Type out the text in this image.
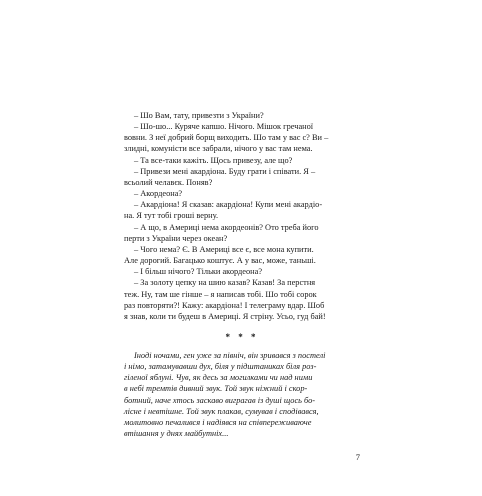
– Шо Вам, тату, привезти з України?

– Шо-шо... Куряче капшо. Нічого. Мішок гречаної

вовни. З неї добрий борщ виходить. Шо там у вас с? Ви –

злидні, комуністи все забрали, нічого у вас там нема.

– Та все-таки кажіть. Щось привезу, але що?

– Привези мені акардіона. Буду грати і співати. Я –

всьолий челавєк. Поняв?

– Акордеона?

– Акардіона! Я сказав: акардіона! Купи мені акардіо-

на. Я тут тобі гроші верну.

– А що, в Америці нема акордеонів? Ото треба його

перти з України через океан?

– Чого нема? Є. В Америці все є, все мона купити.

Але дорогий. Багацько коштує. А у вас, може, таньші.

– І більш нічого? Тільки акордеона?

– За золоту цепку на шию казав? Казав! За перстня

теж. Ну, там ше гінше – я написав тобі. Шо тобі сорок

раз повторяти?! Кажу: акардіона! І телеграму вдар. Шоб

я знав, коли ти будеш в Америці. Я стріну. Усьо, гуд бай!

* * *
Іноді ночами, ген уже за північ, він зривався з постелі
і німо, затамувавши дух, біля у підштаниках біля роз-
гіленої яблуні. Чув, як десь за могилками чи над ними
в небі тремтів дивний звук. Той звук ніжний і скор-
ботний, наче хтось заскаво виграгав із душі щось бо-
лісне і невтішне. Той звук плакав, сумував і сподівався,
молитовно печалився і надіявся на співпереживаюче
втішання у днях майбутніх...
7
